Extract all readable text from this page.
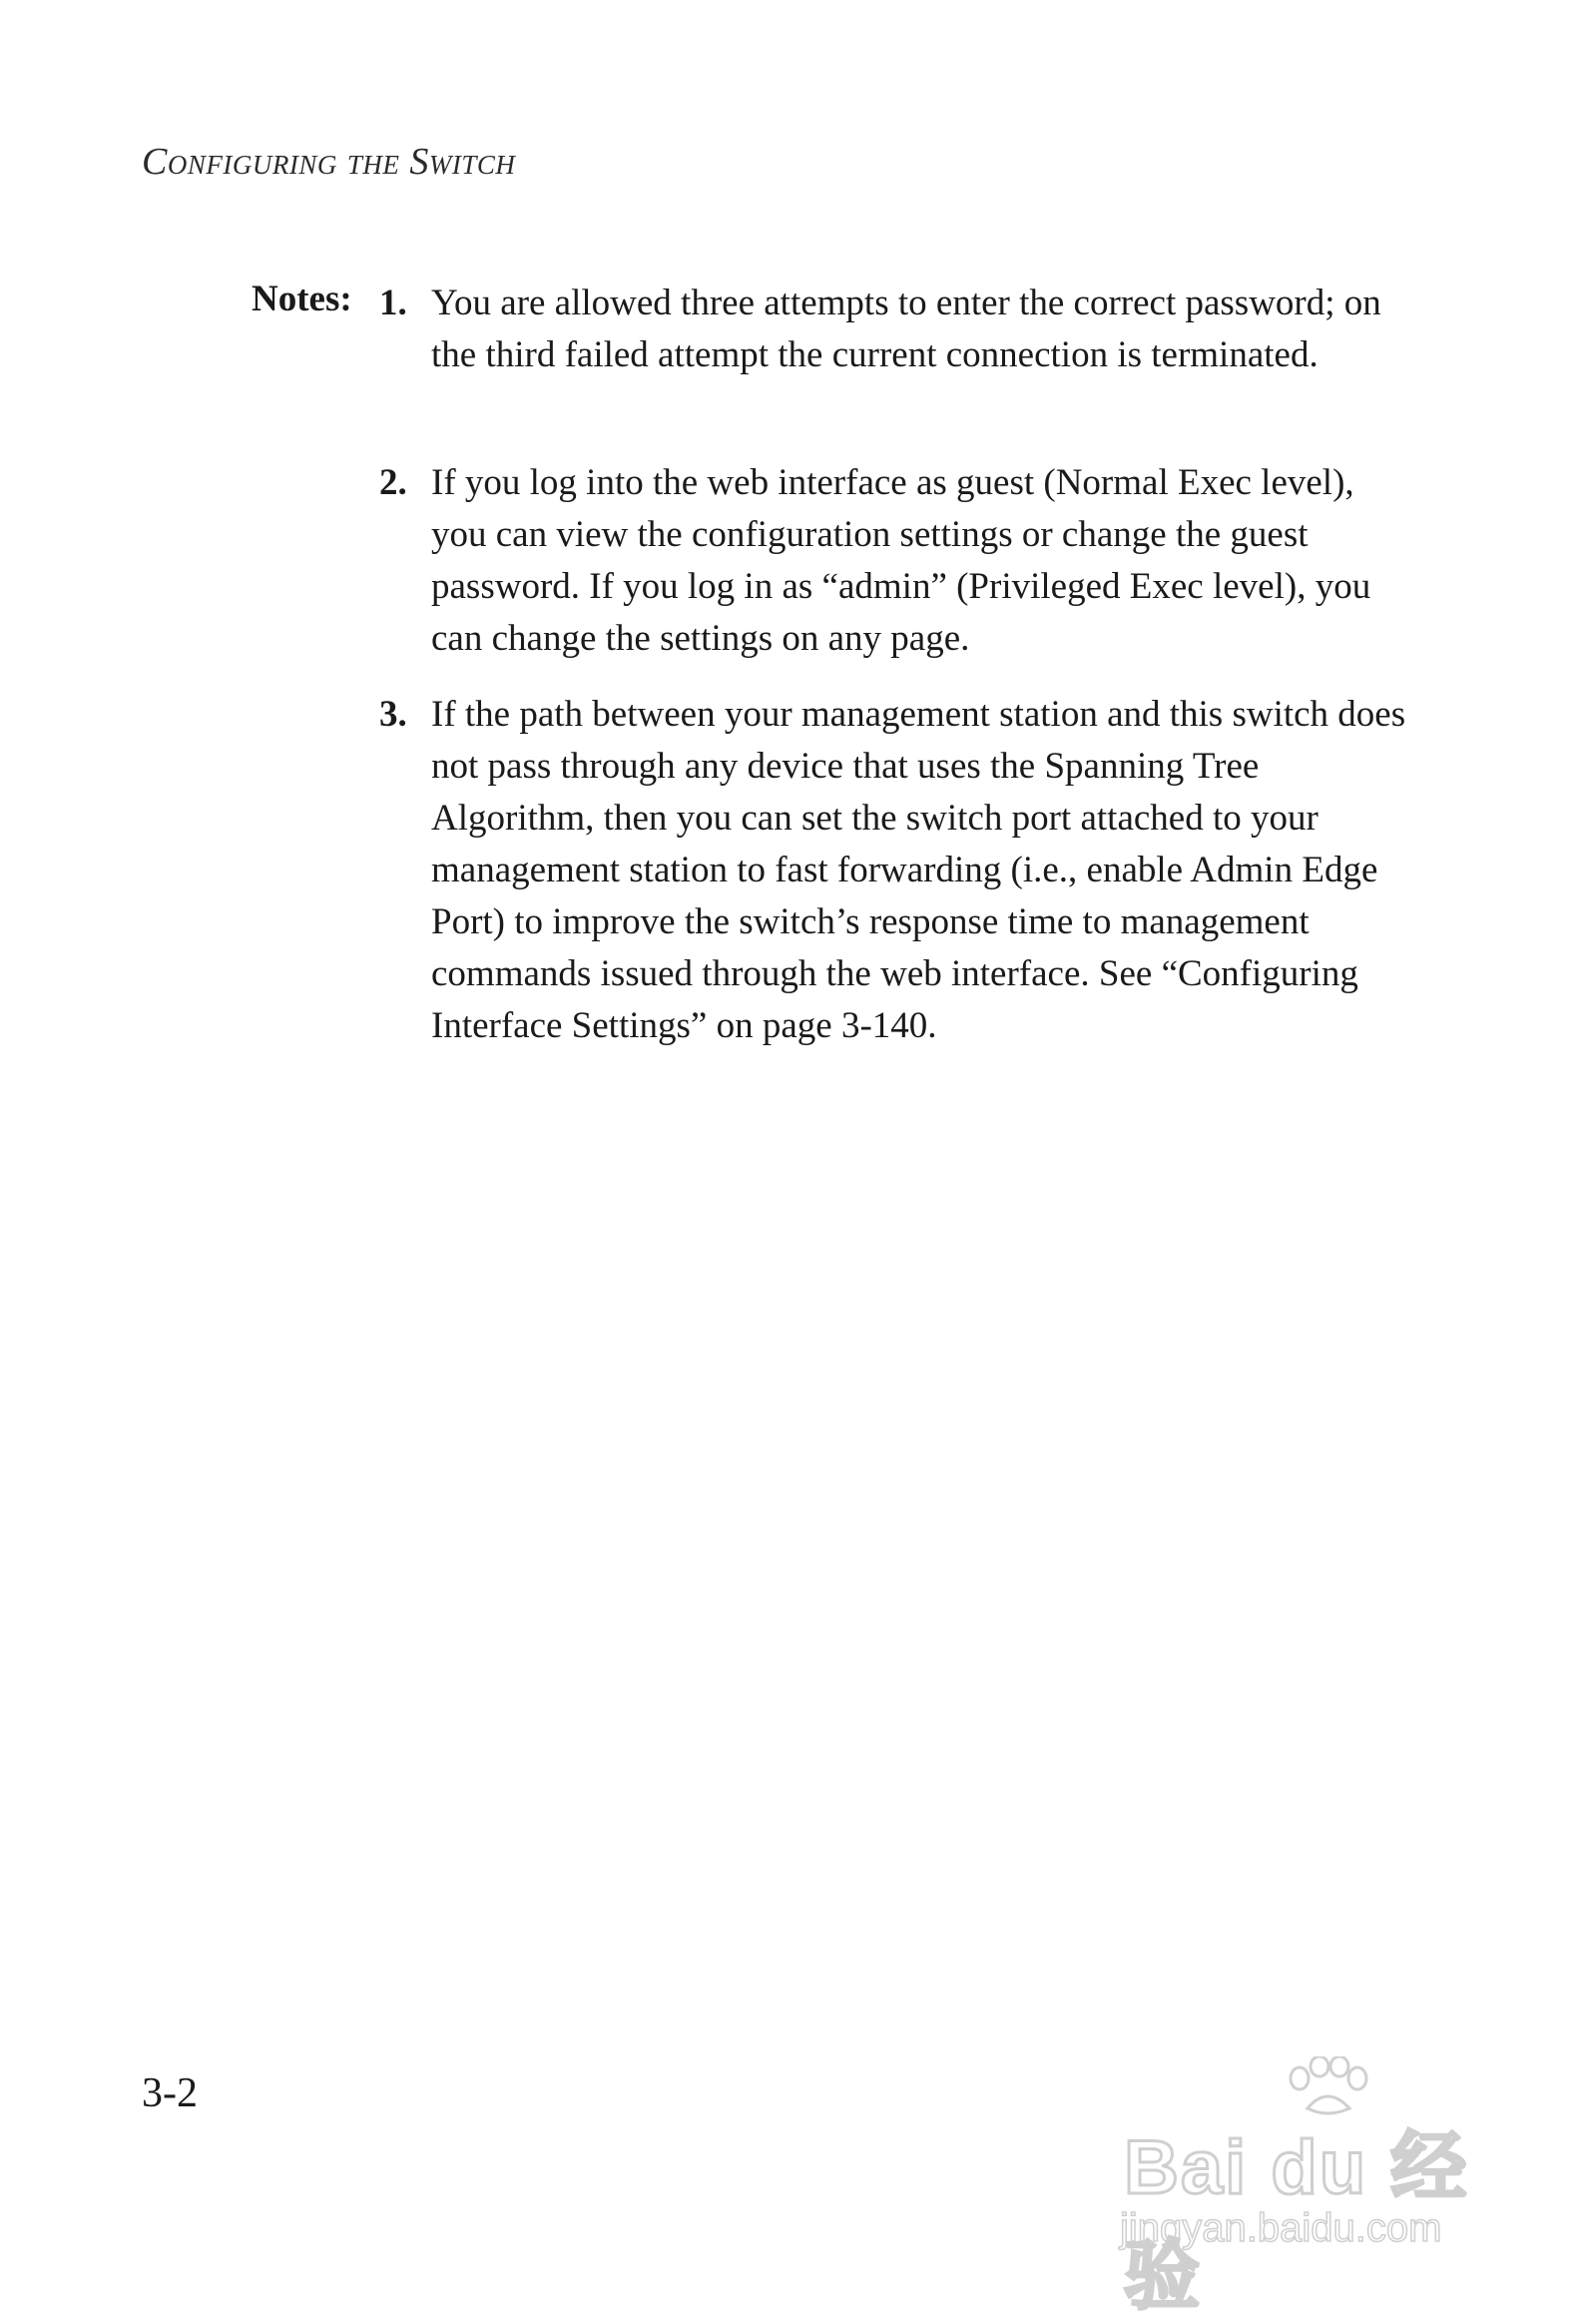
Configuring the Switch
Notes: 1. You are allowed three attempts to enter the correct password; on the third failed attempt the current connection is terminated.
2. If you log into the web interface as guest (Normal Exec level), you can view the configuration settings or change the guest password. If you log in as “admin” (Privileged Exec level), you can change the settings on any page.
3. If the path between your management station and this switch does not pass through any device that uses the Spanning Tree Algorithm, then you can set the switch port attached to your management station to fast forwarding (i.e., enable Admin Edge Port) to improve the switch’s response time to management commands issued through the web interface. See “Configuring Interface Settings” on page 3-140.
3-2
Bai du 经验
jingyan.baidu.com
